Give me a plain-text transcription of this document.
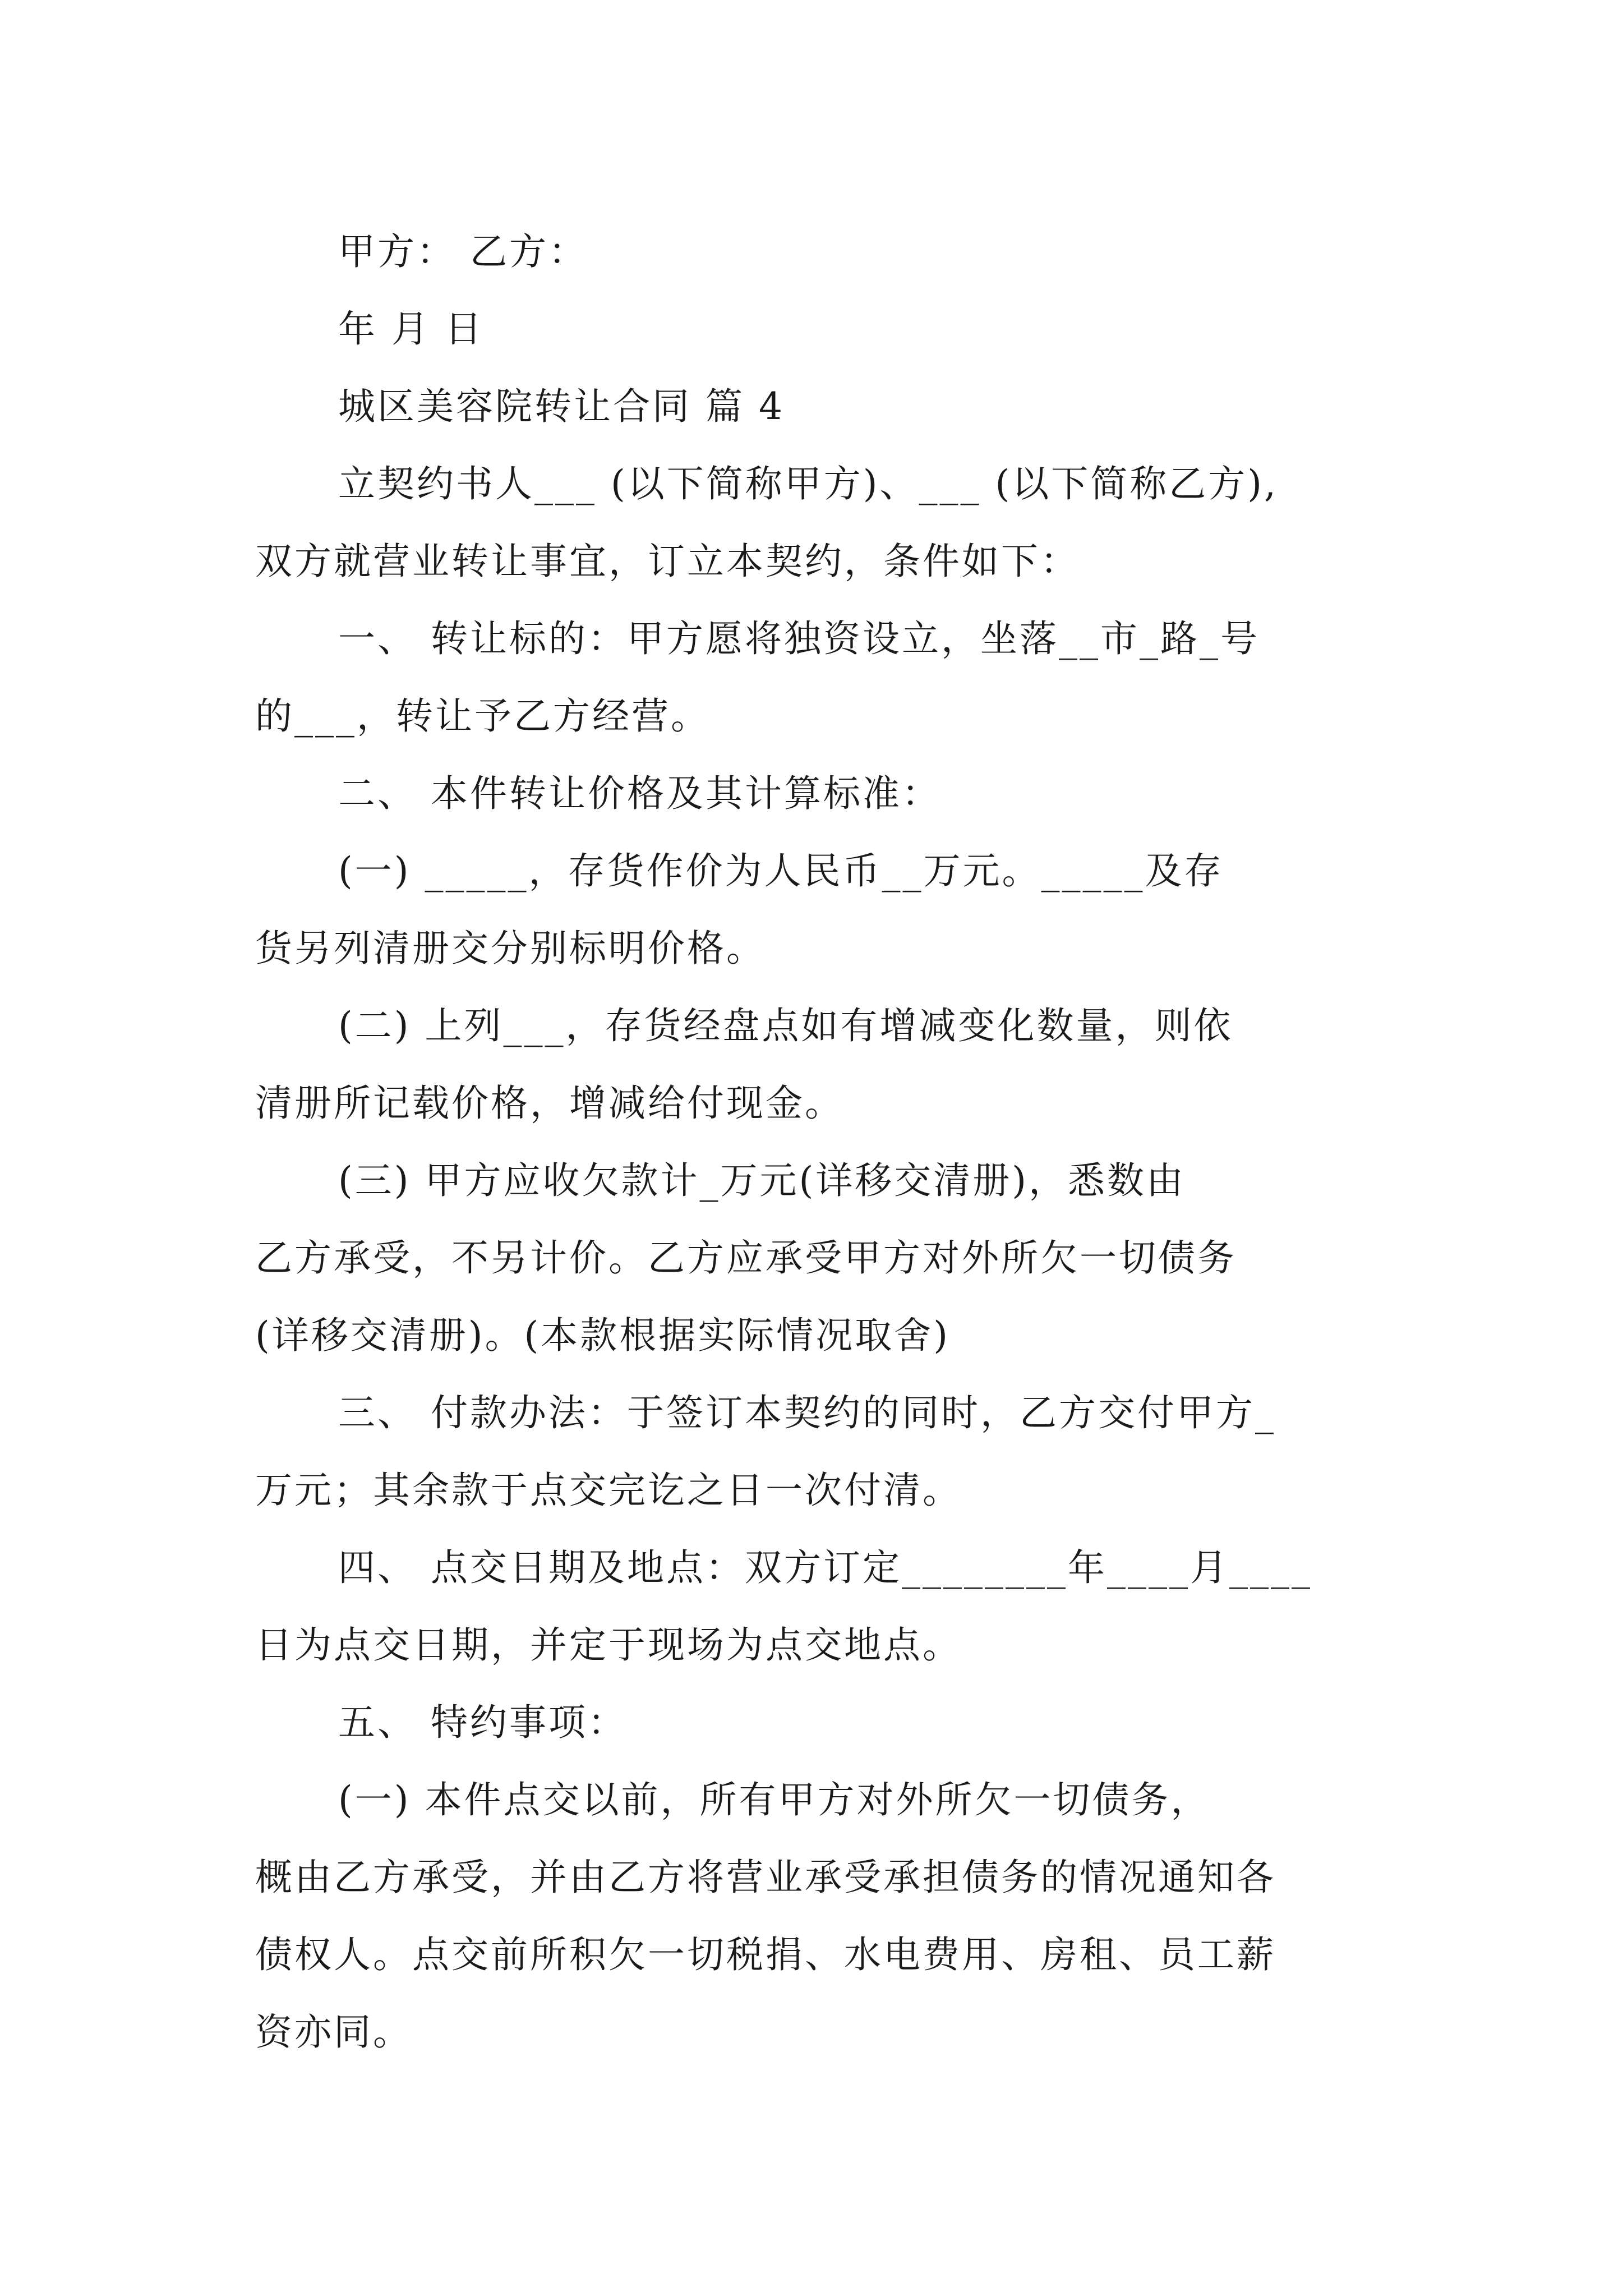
甲方： 乙方：
年 月 日
城区美容院转让合同 篇 4
立契约书人___ (以下简称甲方)、___ (以下简称乙方),
双方就营业转让事宜，订立本契约，条件如下：
一、 转让标的：甲方愿将独资设立，坐落__市_路_号
的___，转让予乙方经营。
二、 本件转让价格及其计算标准：
(一) _____，存货作价为人民币__万元。_____及存
货另列清册交分别标明价格。
(二) 上列___，存货经盘点如有增减变化数量，则依
清册所记载价格，增减给付现金。
(三) 甲方应收欠款计_万元(详移交清册)，悉数由
乙方承受，不另计价。乙方应承受甲方对外所欠一切债务
(详移交清册)。(本款根据实际情况取舍)
三、 付款办法：于签订本契约的同时，乙方交付甲方_
万元；其余款于点交完讫之日一次付清。
四、 点交日期及地点：双方订定________年____月____
日为点交日期，并定于现场为点交地点。
五、 特约事项：
(一) 本件点交以前，所有甲方对外所欠一切债务，
概由乙方承受，并由乙方将营业承受承担债务的情况通知各
债权人。点交前所积欠一切税捐、水电费用、房租、员工薪
资亦同。
